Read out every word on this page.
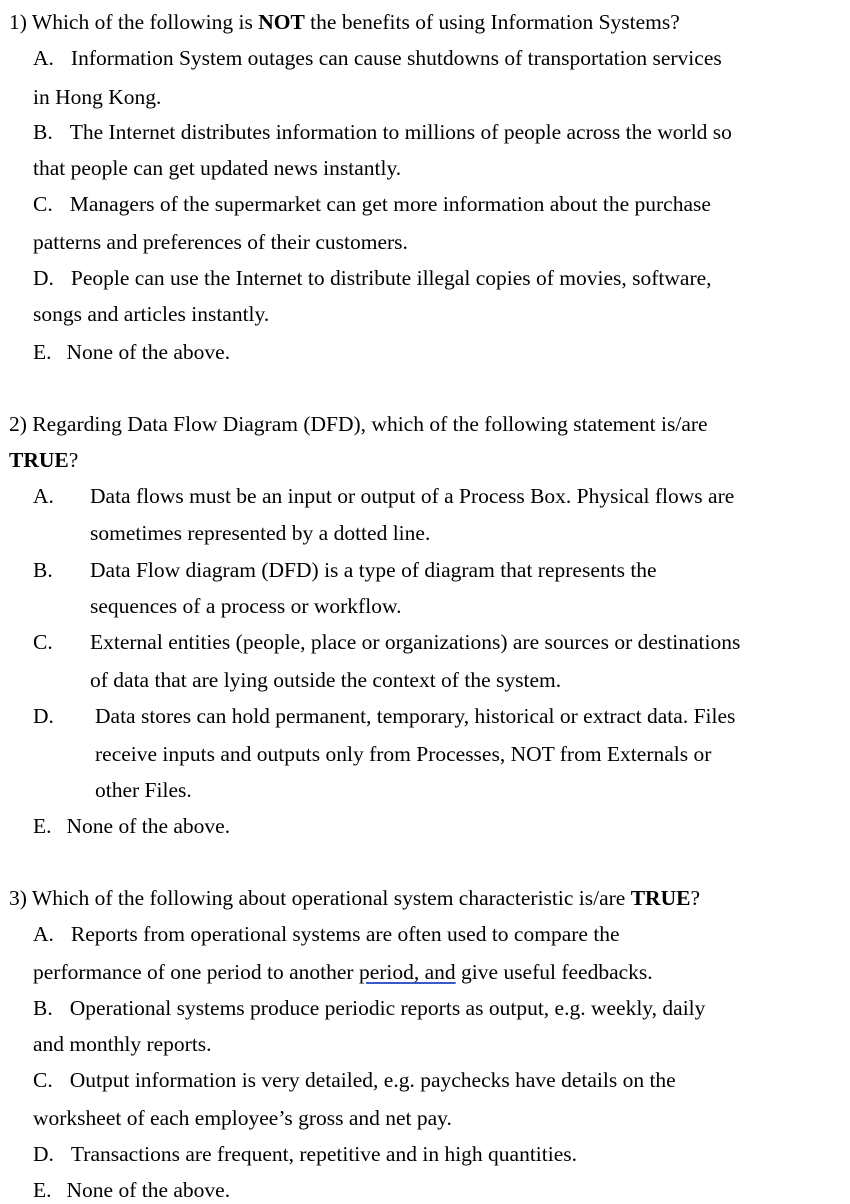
1) Which of the following is NOT the benefits of using Information Systems?

A. Information System outages can cause shutdowns of transportation services

in Hong Kong.

B. The Internet distributes information to millions of people across the world so

that people can get updated news instantly.

C. Managers of the supermarket can get more information about the purchase

patterns and preferences of their customers.

D. People can use the Internet to distribute illegal copies of movies, software,

songs and articles instantly.

E. None of the above.

2) Regarding Data Flow Diagram (DFD), which of the following statement is/are

TRUE?

A. Data flows must be an input or output of a Process Box. Physical flows are

sometimes represented by a dotted line.

B. Data Flow diagram (DFD) is a type of diagram that represents the

sequences of a process or workflow.

C. External entities (people, place or organizations) are sources or destinations

of data that are lying outside the context of the system.

D. Data stores can hold permanent, temporary, historical or extract data. Files

receive inputs and outputs only from Processes, NOT from Externals or

other Files.

E. None of the above.

3) Which of the following about operational system characteristic is/are TRUE?

A. Reports from operational systems are often used to compare the

performance of one period to another period, and give useful feedbacks.

B. Operational systems produce periodic reports as output, e.g. weekly, daily

and monthly reports.

C. Output information is very detailed, e.g. paychecks have details on the

worksheet of each employee’s gross and net pay.

D. Transactions are frequent, repetitive and in high quantities.

E. None of the above.
